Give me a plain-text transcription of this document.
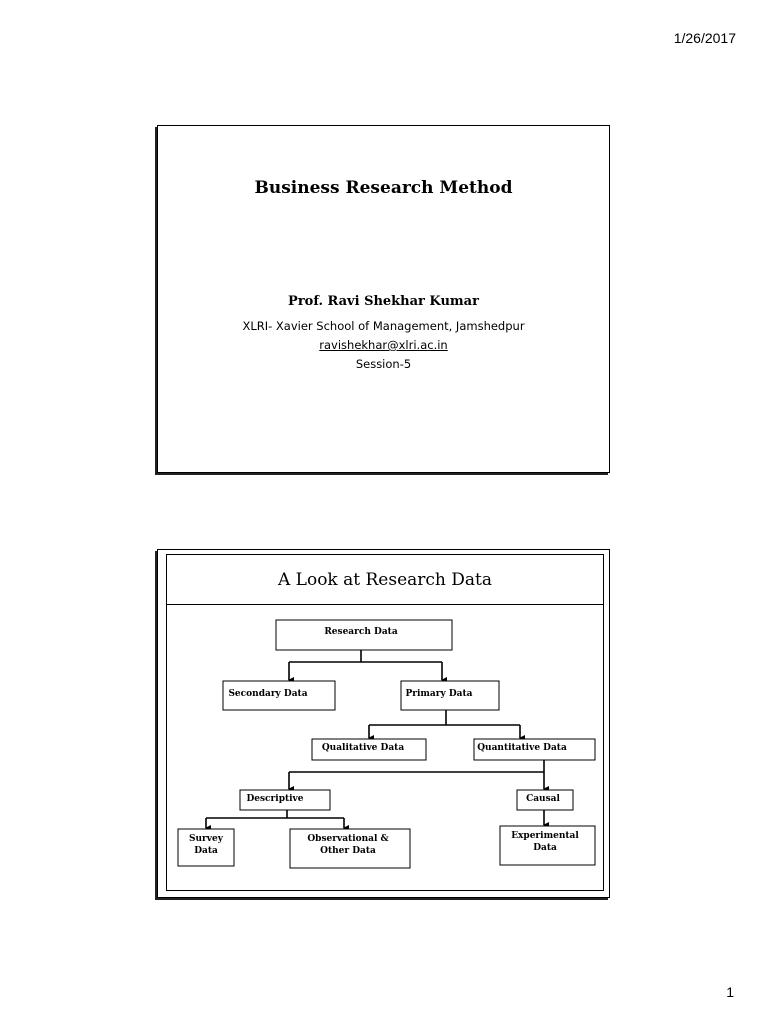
1/26/2017
Business Research Method
Prof. Ravi Shekhar Kumar
XLRI- Xavier School of Management, Jamshedpur
ravishekhar@xlri.ac.in
Session-5
A Look at Research Data
Research Data
Secondary Data	Primary Data
Qualitative Data	Quantitative Data
Descriptive	Causal
Survey
Data
Observational &
Other Data
Experimental
Data
1
